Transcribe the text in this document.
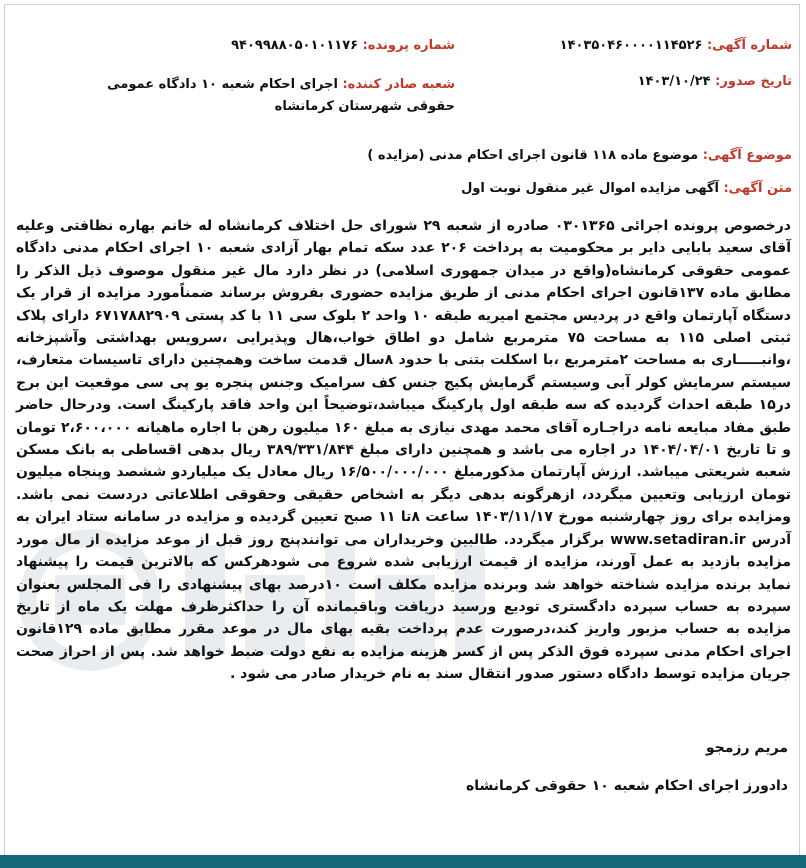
شماره آگهی: ۱۴۰۳۵۰۴۶۰۰۰۰۱۱۴۵۲۶
شماره پرونده: ۹۴۰۹۹۸۸۰۵۰۱۰۱۱۷۶
تاریخ صدور: ۱۴۰۳/۱۰/۲۴
شعبه صادر کننده: اجرای احکام شعبه ۱۰ دادگاه عمومی حقوقی شهرستان کرمانشاه
موضوع آگهی: موضوع ماده ۱۱۸ قانون اجرای احکام مدنی (مزایده )
متن آگهی: آگهی مزایده اموال غیر منقول نوبت اول
درخصوص پرونده اجرائی ۰۳۰۱۳۶۵ صادره از شعبه ۲۹ شورای حل اختلاف کرمانشاه له خانم بهاره نظافتی وعلیه آقای سعید بابایی دایر بر محکومیت به پرداخت ۲۰۶ عدد سکه تمام بهار آزادی شعبه ۱۰ اجرای احکام مدنی دادگاه عمومی حقوقی کرمانشاه(واقع در میدان جمهوری اسلامی) در نظر دارد مال غیر منقول موصوف ذیل الذکر را مطابق ماده ۱۳۷قانون اجرای احکام مدنی از طریق مزایده حضوری بفروش برساند ضمناًمورد مزایده از قرار یک دستگاه آپارتمان واقع در پردیس مجتمع امیریه طبقه ۱۰ واحد ۲ بلوک سی ۱۱ با کد پستی ۶۷۱۷۸۸۲۹۰۹ دارای پلاک ثبتی اصلی ۱۱۵ به مساحت ۷۵ مترمربع شامل دو اطاق خواب،هال وپذیرایی ،سرویس بهداشتی وآشپزخانه ،وانبـــــاری به مساحت ۲مترمربع ،با اسکلت بتنی با حدود ۸سال قدمت ساخت وهمچنین دارای تاسیسات متعارف، سیستم سرمایش کولر آبی وسیستم گرمایش پکیج جنس کف سرامیک وجنس پنجره یو پی سی موقعیت این برج در۱۵ طبقه احداث گردیده که سه طبقه اول پارکینگ میباشد،توضیحاً این واحد فاقد پارکینگ است. ودرحال حاضر طبق مفاد مبایعه نامه دراجـاره آقای محمد مهدی نیازی به مبلغ ۱۶۰ میلیون رهن با اجاره ماهیانه ۲،۶۰۰،۰۰۰ تومان و تا تاریخ ۱۴۰۴/۰۴/۰۱ در اجاره می باشد و همچنین دارای مبلغ ۳۸۹/۳۳۱/۸۴۴ ریال بدهی اقساطی به بانک مسکن شعبه شریعتی میباشد. ارزش آپارتمان مذکورمبلغ ۱۶/۵۰۰/۰۰۰/۰۰۰ ریال معادل یک میلیاردو ششصد وپنجاه میلیون تومان ارزیابی وتعیین میگردد، ازهرگونه بدهی دیگر به اشخاص حقیقی وحقوقی اطلاعاتی دردست نمی باشد. ومزایده برای روز چهارشنبه مورخ ۱۴۰۳/۱۱/۱۷ ساعت ۸تا ۱۱ صبح تعیین گردیده و مزایده در سامانه ستاد ایران به آدرس www.setadiran.ir برگزار میگردد. طالبین وخریداران می توانندپنج روز قبل از موعد مزایده از مال مورد مزایده بازدید به عمل آورند، مزایده از قیمت ارزیابی شده شروع می شودهرکس که بالاترین قیمت را پیشنهاد نماید برنده مزایده شناخته خواهد شد وبرنده مزایده مکلف است ۱۰درصد بهای پیشنهادی را فی المجلس بعنوان سپرده به حساب سپرده دادگستری تودیع ورسید دریافت وباقیمانده آن را حداکثرظرف مهلت یک ماه از تاریخ مزایده به حساب مزبور واریز کند،درصورت عدم پرداخت بقیه بهای مال در موعد مقرر مطابق ماده ۱۲۹قانون اجرای احکام مدنی سپرده فوق الذکر پس از کسر هزینه مزایده به نفع دولت ضبط خواهد شد. پس از احراز صحت جریان مزایده توسط دادگاه دستور صدور انتقال سند به نام خریدار صادر می شود .
مریم رزمجو
دادورز اجرای احکام شعبه ۱۰ حقوقی کرمانشاه
